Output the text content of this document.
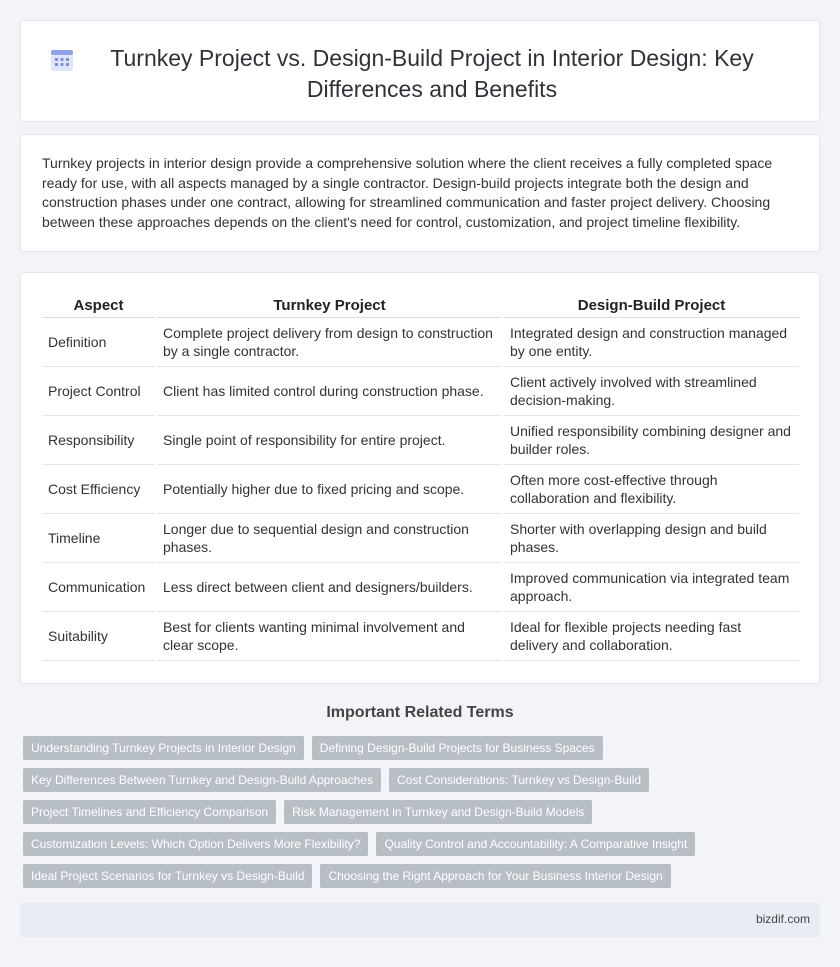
Turnkey Project vs. Design-Build Project in Interior Design: Key Differences and Benefits

Turnkey projects in interior design provide a comprehensive solution where the client receives a fully completed space ready for use, with all aspects managed by a single contractor. Design-build projects integrate both the design and construction phases under one contract, allowing for streamlined communication and faster project delivery. Choosing between these approaches depends on the client's need for control, customization, and project timeline flexibility.

Aspect	Turnkey Project	Design-Build Project
Definition	Complete project delivery from design to construction by a single contractor.	Integrated design and construction managed by one entity.
Project Control	Client has limited control during construction phase.	Client actively involved with streamlined decision-making.
Responsibility	Single point of responsibility for entire project.	Unified responsibility combining designer and builder roles.
Cost Efficiency	Potentially higher due to fixed pricing and scope.	Often more cost-effective through collaboration and flexibility.
Timeline	Longer due to sequential design and construction phases.	Shorter with overlapping design and build phases.
Communication	Less direct between client and designers/builders.	Improved communication via integrated team approach.
Suitability	Best for clients wanting minimal involvement and clear scope.	Ideal for flexible projects needing fast delivery and collaboration.
Important Related Terms
Understanding Turnkey Projects in Interior Design	Defining Design-Build Projects for Business Spaces
Key Differences Between Turnkey and Design-Build Approaches	Cost Considerations: Turnkey vs Design-Build
Project Timelines and Efficiency Comparison	Risk Management in Turnkey and Design-Build Models
Customization Levels: Which Option Delivers More Flexibility?	Quality Control and Accountability: A Comparative Insight
Ideal Project Scenarios for Turnkey vs Design-Build	Choosing the Right Approach for Your Business Interior Design
bizdif.com
